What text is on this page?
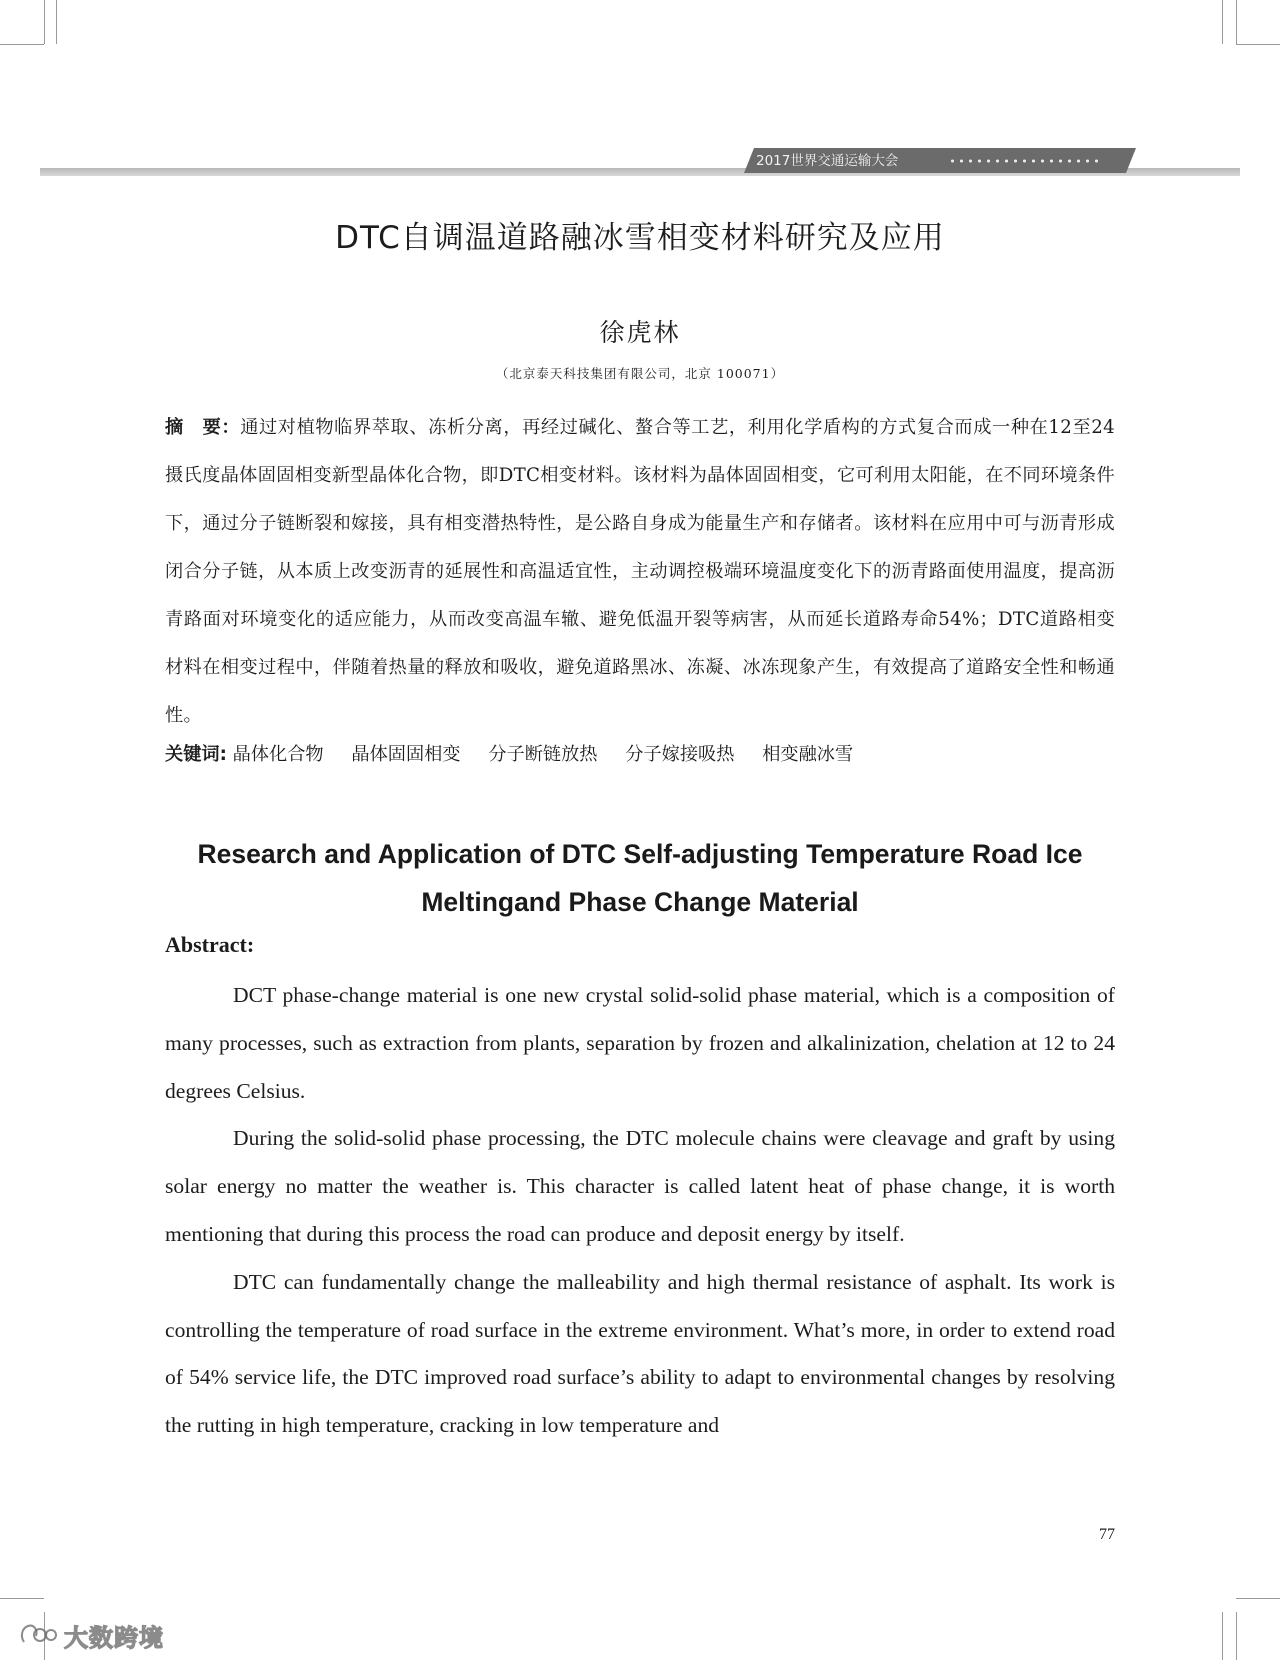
2017世界交通运输大会
DTC自调温道路融冰雪相变材料研究及应用
徐虎林
（北京泰天科技集团有限公司，北京 100071）

摘　要：通过对植物临界萃取、冻析分离，再经过碱化、螯合等工艺，利用化学盾构的方式复合而成一种在12至24摄氏度晶体固固相变新型晶体化合物，即DTC相变材料。该材料为晶体固固相变，它可利用太阳能，在不同环境条件下，通过分子链断裂和嫁接，具有相变潜热特性，是公路自身成为能量生产和存储者。该材料在应用中可与沥青形成闭合分子链，从本质上改变沥青的延展性和高温适宜性，主动调控极端环境温度变化下的沥青路面使用温度，提高沥青路面对环境变化的适应能力，从而改变高温车辙、避免低温开裂等病害，从而延长道路寿命54%；DTC道路相变材料在相变过程中，伴随着热量的释放和吸收，避免道路黑冰、冻凝、冰冻现象产生，有效提高了道路安全性和畅通性。

关键词: 晶体化合物 晶体固固相变 分子断链放热 分子嫁接吸热 相变融冰雪
Research and Application of DTC Self-adjusting Temperature Road Ice
Meltingand Phase Change Material
Abstract:

DCT phase-change material is one new crystal solid-solid phase material, which is a composition of many processes, such as extraction from plants, separation by frozen and alkalinization, chelation at 12 to 24 degrees Celsius.

During the solid-solid phase processing, the DTC molecule chains were cleavage and graft by using solar energy no matter the weather is. This character is called latent heat of phase change, it is worth mentioning that during this process the road can produce and deposit energy by itself.

DTC can fundamentally change the malleability and high thermal resistance of asphalt. Its work is controlling the temperature of road surface in the extreme environment. What’s more, in order to extend road of 54% service life, the DTC improved road surface’s ability to adapt to environmental changes by resolving the rutting in high temperature, cracking in low temperature and

77
大数跨境
